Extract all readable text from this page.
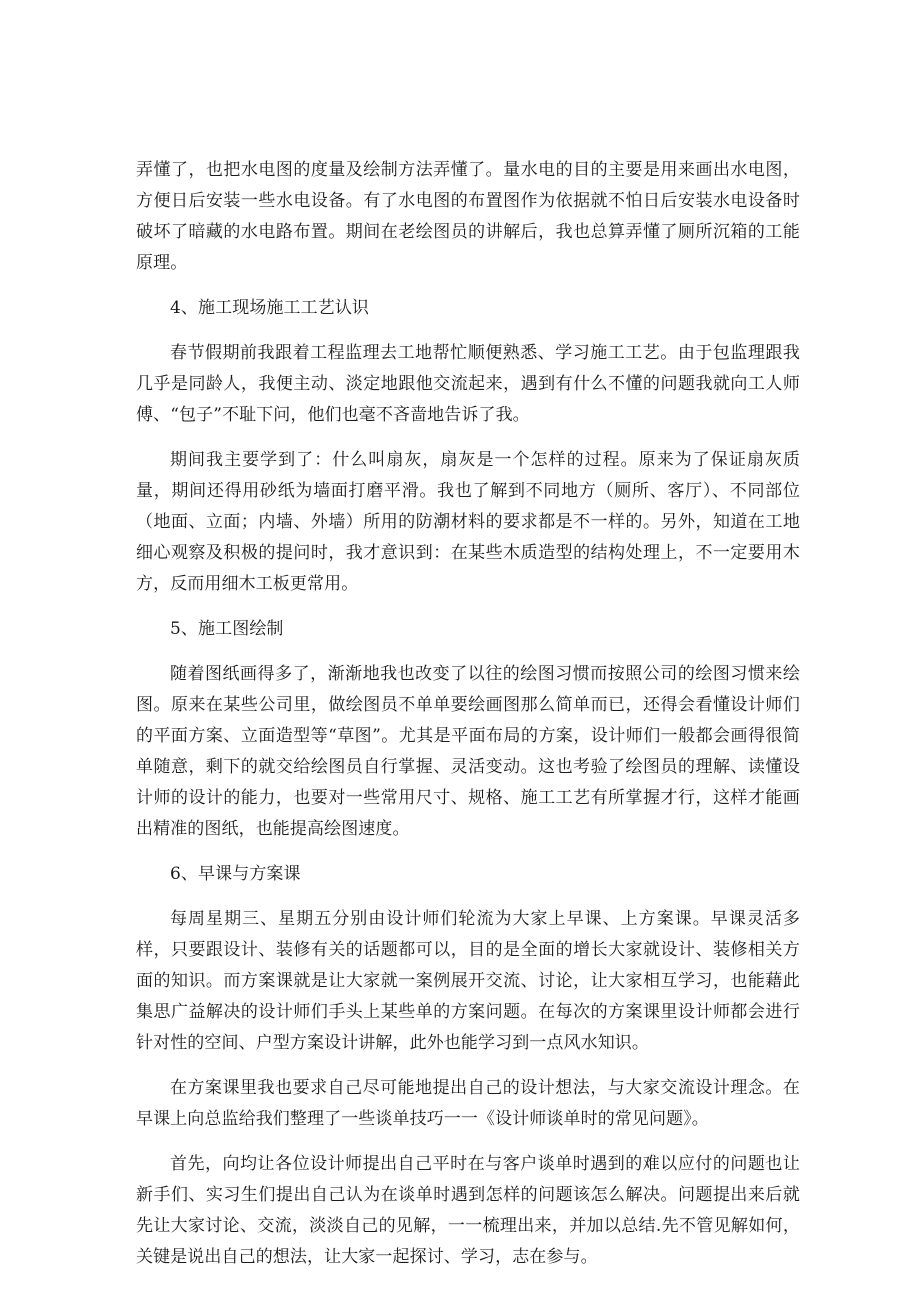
弄懂了，也把水电图的度量及绘制方法弄懂了。量水电的目的主要是用来画出水电图，方便日后安装一些水电设备。有了水电图的布置图作为依据就不怕日后安装水电设备时破坏了暗藏的水电路布置。期间在老绘图员的讲解后，我也总算弄懂了厕所沉箱的工能原理。

4、施工现场施工工艺认识

春节假期前我跟着工程监理去工地帮忙顺便熟悉、学习施工工艺。由于包监理跟我几乎是同龄人，我便主动、淡定地跟他交流起来，遇到有什么不懂的问题我就向工人师傅、“包子”不耻下问，他们也毫不吝啬地告诉了我。

期间我主要学到了：什么叫扇灰，扇灰是一个怎样的过程。原来为了保证扇灰质量，期间还得用砂纸为墙面打磨平滑。我也了解到不同地方（厕所、客厅）、不同部位（地面、立面；内墙、外墙）所用的防潮材料的要求都是不一样的。另外，知道在工地细心观察及积极的提问时，我才意识到：在某些木质造型的结构处理上，不一定要用木方，反而用细木工板更常用。

5、施工图绘制

随着图纸画得多了，渐渐地我也改变了以往的绘图习惯而按照公司的绘图习惯来绘图。原来在某些公司里，做绘图员不单单要绘画图那么简单而已，还得会看懂设计师们的平面方案、立面造型等“草图”。尤其是平面布局的方案，设计师们一般都会画得很简单随意，剩下的就交给绘图员自行掌握、灵活变动。这也考验了绘图员的理解、读懂设计师的设计的能力，也要对一些常用尺寸、规格、施工工艺有所掌握才行，这样才能画出精准的图纸，也能提高绘图速度。

6、早课与方案课

每周星期三、星期五分别由设计师们轮流为大家上早课、上方案课。早课灵活多样，只要跟设计、装修有关的话题都可以，目的是全面的增长大家就设计、装修相关方面的知识。而方案课就是让大家就一案例展开交流、讨论，让大家相互学习，也能藉此集思广益解决的设计师们手头上某些单的方案问题。在每次的方案课里设计师都会进行针对性的空间、户型方案设计讲解，此外也能学习到一点风水知识。

在方案课里我也要求自己尽可能地提出自己的设计想法，与大家交流设计理念。在早课上向总监给我们整理了一些谈单技巧一一《设计师谈单时的常见问题》。

首先，向均让各位设计师提出自己平时在与客户谈单时遇到的难以应付的问题也让新手们、实习生们提出自己认为在谈单时遇到怎样的问题该怎么解决。问题提出来后就先让大家讨论、交流，淡淡自己的见解，一一梳理出来，并加以总结.先不管见解如何，关键是说出自己的想法，让大家一起探讨、学习，志在参与。
